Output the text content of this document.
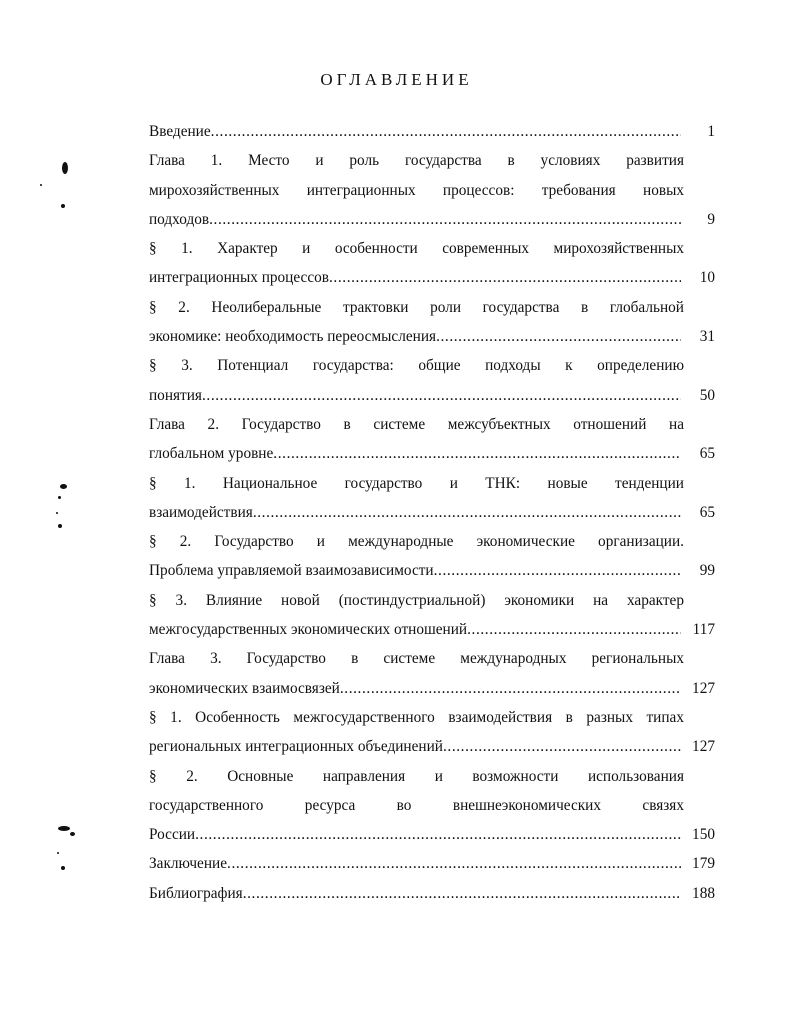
ОГЛАВЛЕНИЕ
Введение .....	1
Глава 1. Место и роль государства в условиях развития
мирохозяйственных интеграционных процессов: требования новых
подходов .....	9
§ 1. Характер и особенности современных мирохозяйственных
интеграционных процессов .....	10
§ 2. Неолиберальные трактовки роли государства в глобальной
экономике: необходимость переосмысления .....	31
§ 3. Потенциал государства: общие подходы к определению
понятия .....	50
Глава 2. Государство в системе межсубъектных отношений на
глобальном уровне .....	65
§ 1. Национальное государство и ТНК: новые тенденции
взаимодействия .....	65
§ 2. Государство и международные экономические организации.
Проблема управляемой взаимозависимости .....	99
§ 3. Влияние новой (постиндустриальной) экономики на характер
межгосударственных экономических отношений .....	117
Глава 3. Государство в системе международных региональных
экономических взаимосвязей .....	127
§ 1. Особенность межгосударственного взаимодействия в разных типах
региональных интеграционных объединений .....	127
§ 2. Основные направления и возможности использования
государственного ресурса во внешнеэкономических связях
России .....	150
Заключение .....	179
Библиография .....	188
